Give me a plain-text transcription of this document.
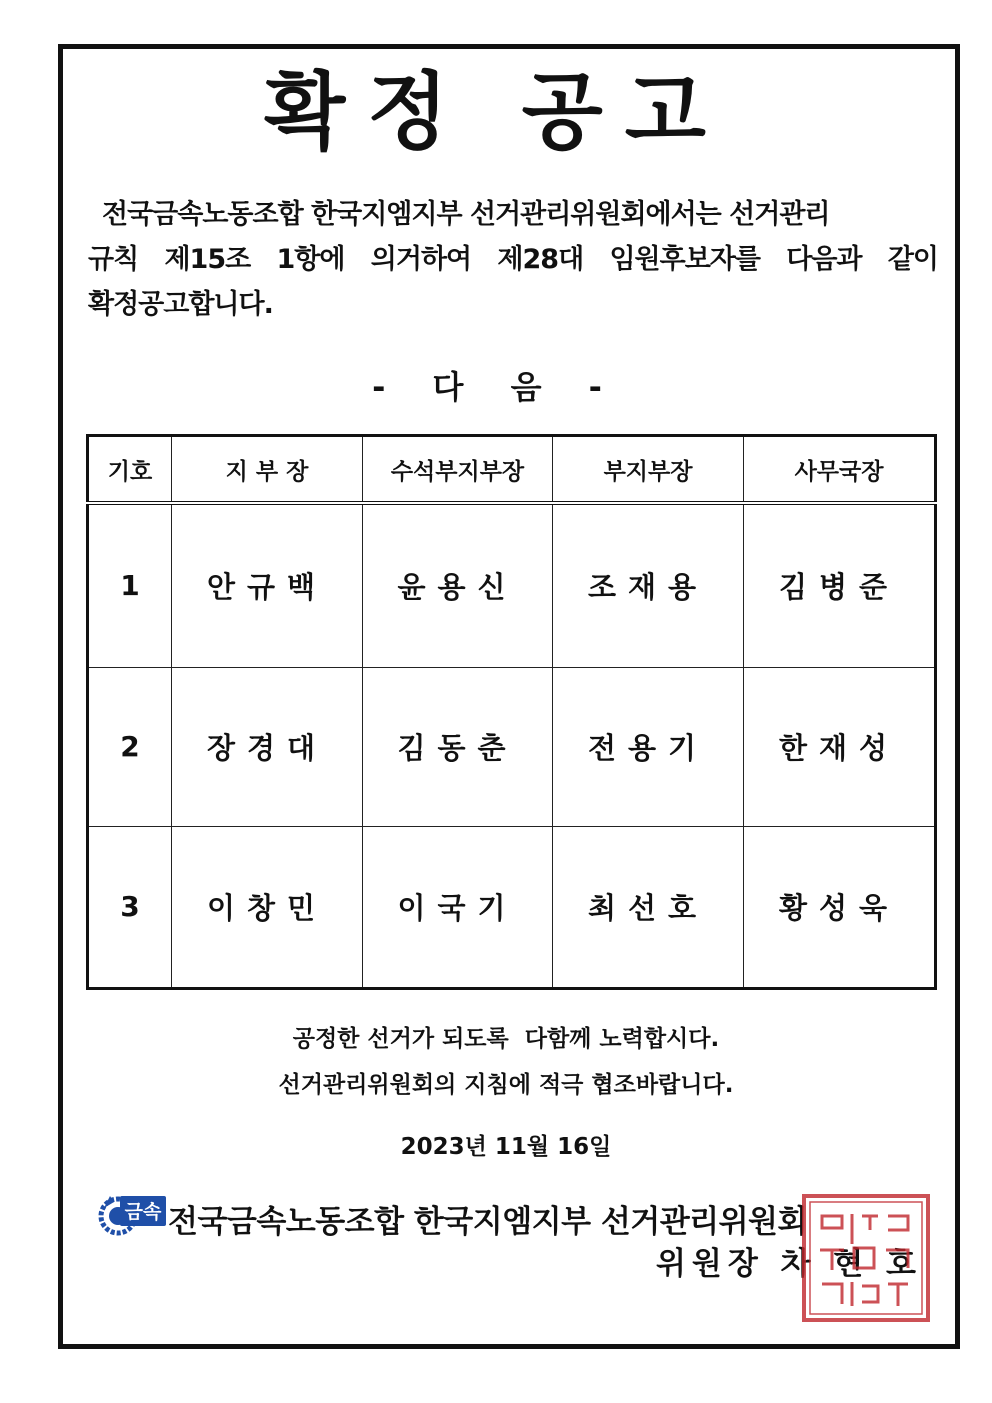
확정 공고
전국금속노동조합 한국지엠지부 선거관리위원회에서는 선거관리
규칙 제15조 1항에 의거하여 제28대 임원후보자를 다음과 같이
확정공고합니다.
- 다 음 -
기호	지 부 장	수석부지부장	부지부장	사무국장
1	안규백	윤용신	조재용	김병준
2	장경대	김동춘	전용기	한재성
3	이창민	이국기	최선호	황성욱
공정한 선거가 되도록  다함께 노력합시다.
선거관리위원회의 지침에 적극 협조바랍니다.
2023년 11월 16일
금속 전국금속노동조합 한국지엠지부 선거관리위원회
위원장 차 현 호
